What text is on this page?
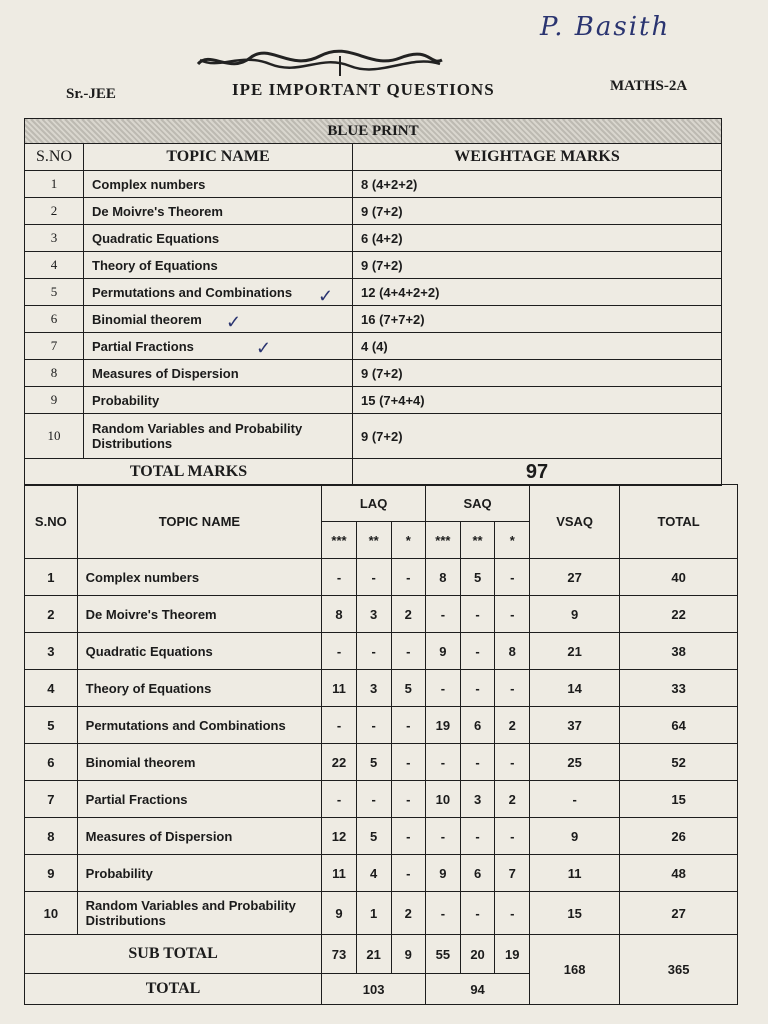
P. Basith
Sr.-JEE	IPE IMPORTANT QUESTIONS	MATHS-2A
BLUE PRINT		
S.NO	TOPIC NAME	WEIGHTAGE MARKS
1	Complex numbers	8 (4+2+2)
2	De Moivre's Theorem	9 (7+2)
3	Quadratic Equations	6 (4+2)
4	Theory of Equations	9 (7+2)
5	Permutations and Combinations	12 (4+4+2+2)
6	Binomial theorem	16 (7+7+2)
7	Partial Fractions	4 (4)
8	Measures of Dispersion	9 (7+2)
9	Probability	15 (7+4+4)
10	Random Variables and Probability Distributions	9 (7+2)
TOTAL MARKS		97
✓
✓
✓
S.NO	TOPIC NAME	LAQ			SAQ			VSAQ	TOTAL
		***	**	*	***	**	*		
1	Complex numbers	-	-	-	8	5	-	27	40
2	De Moivre's Theorem	8	3	2	-	-	-	9	22
3	Quadratic Equations	-	-	-	9	-	8	21	38
4	Theory of Equations	11	3	5	-	-	-	14	33
5	Permutations and Combinations	-	-	-	19	6	2	37	64
6	Binomial theorem	22	5	-	-	-	-	25	52
7	Partial Fractions	-	-	-	10	3	2	-	15
8	Measures of Dispersion	12	5	-	-	-	-	9	26
9	Probability	11	4	-	9	6	7	11	48
10	Random Variables and Probability Distributions	9	1	2	-	-	-	15	27
SUB TOTAL		73	21	9	55	20	19	168	365
TOTAL		103			94				
